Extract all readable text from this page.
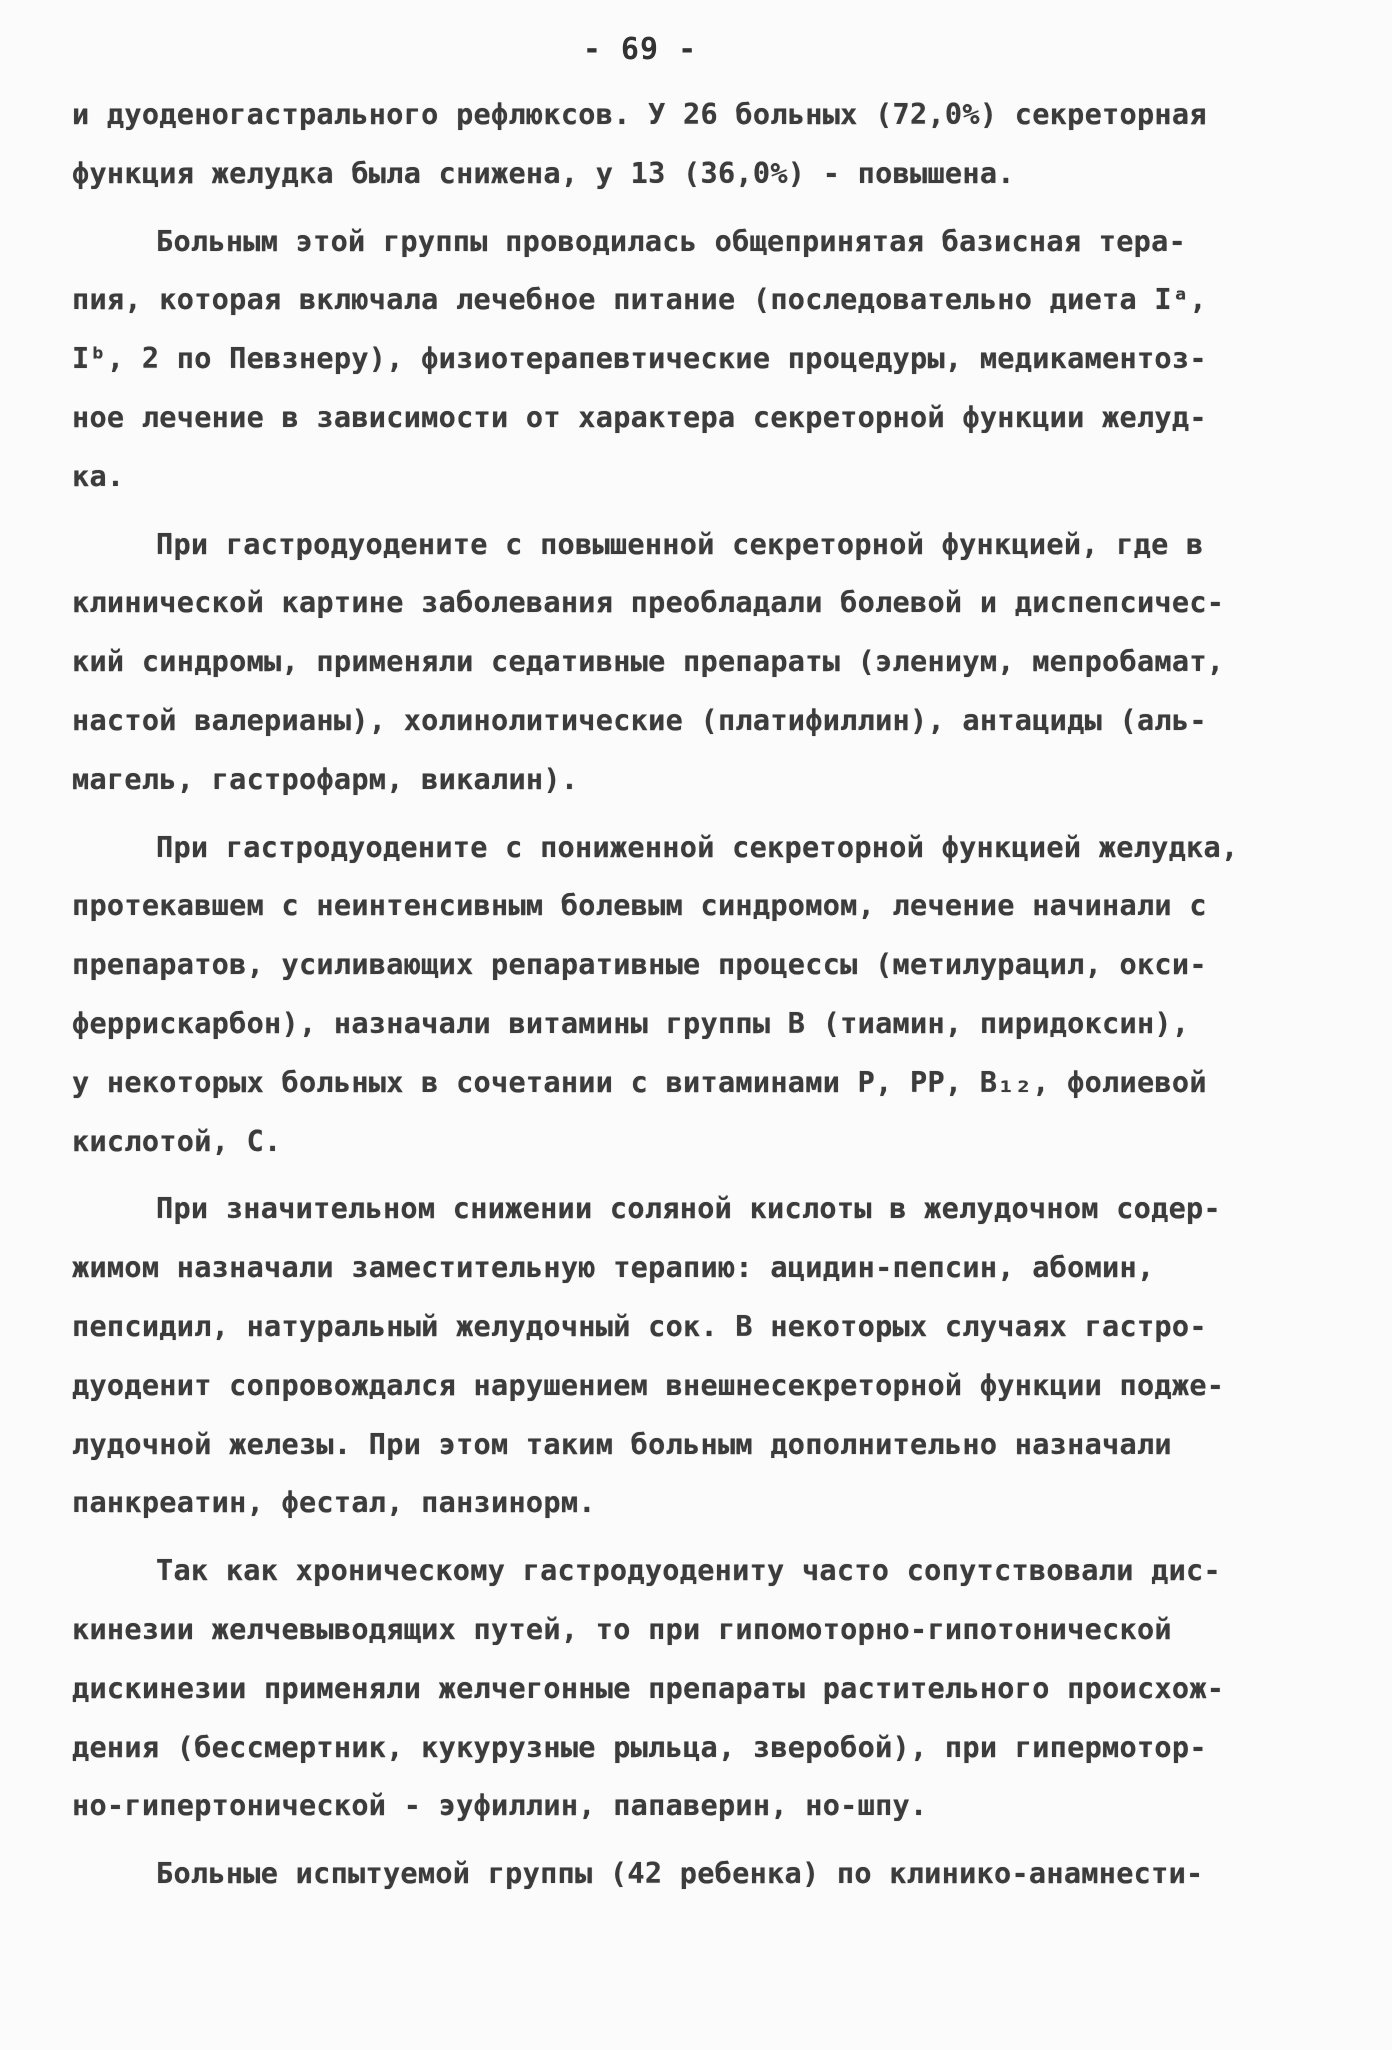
- 69 -
и дуоденогастрального рефлюксов. У 26 больных (72,0%) секреторная
функция желудка была снижена, у 13 (36,0%) - повышена.
Больным этой группы проводилась общепринятая базисная тера-
пия, которая включала лечебное питание (последовательно диета Iᵃ,
Iᵇ, 2 по Певзнеру), физиотерапевтические процедуры, медикаментоз-
ное лечение в зависимости от характера секреторной функции желуд-
ка.
При гастродуодените с повышенной секреторной функцией, где в
клинической картине заболевания преобладали болевой и диспепсичес-
кий синдромы, применяли седативные препараты (элениум, мепробамат,
настой валерианы), холинолитические (платифиллин), антациды (аль-
магель, гастрофарм, викалин).
При гастродуодените с пониженной секреторной функцией желудка,
протекавшем с неинтенсивным болевым синдромом, лечение начинали с
препаратов, усиливающих репаративные процессы (метилурацил, окси-
феррискарбон), назначали витамины группы В (тиамин, пиридоксин),
у некоторых больных в сочетании с витаминами Р, РР, В₁₂, фолиевой
кислотой, С.
При значительном снижении соляной кислоты в желудочном содер-
жимом назначали заместительную терапию: ацидин-пепсин, абомин,
пепсидил, натуральный желудочный сок. В некоторых случаях гастро-
дуоденит сопровождался нарушением внешнесекреторной функции подже-
лудочной железы. При этом таким больным дополнительно назначали
панкреатин, фестал, панзинорм.
Так как хроническому гастродуодениту часто сопутствовали дис-
кинезии желчевыводящих путей, то при гипомоторно-гипотонической
дискинезии применяли желчегонные препараты растительного происхож-
дения (бессмертник, кукурузные рыльца, зверобой), при гипермотор-
но-гипертонической - эуфиллин, папаверин, но-шпу.
Больные испытуемой группы (42 ребенка) по клинико-анамнести-
